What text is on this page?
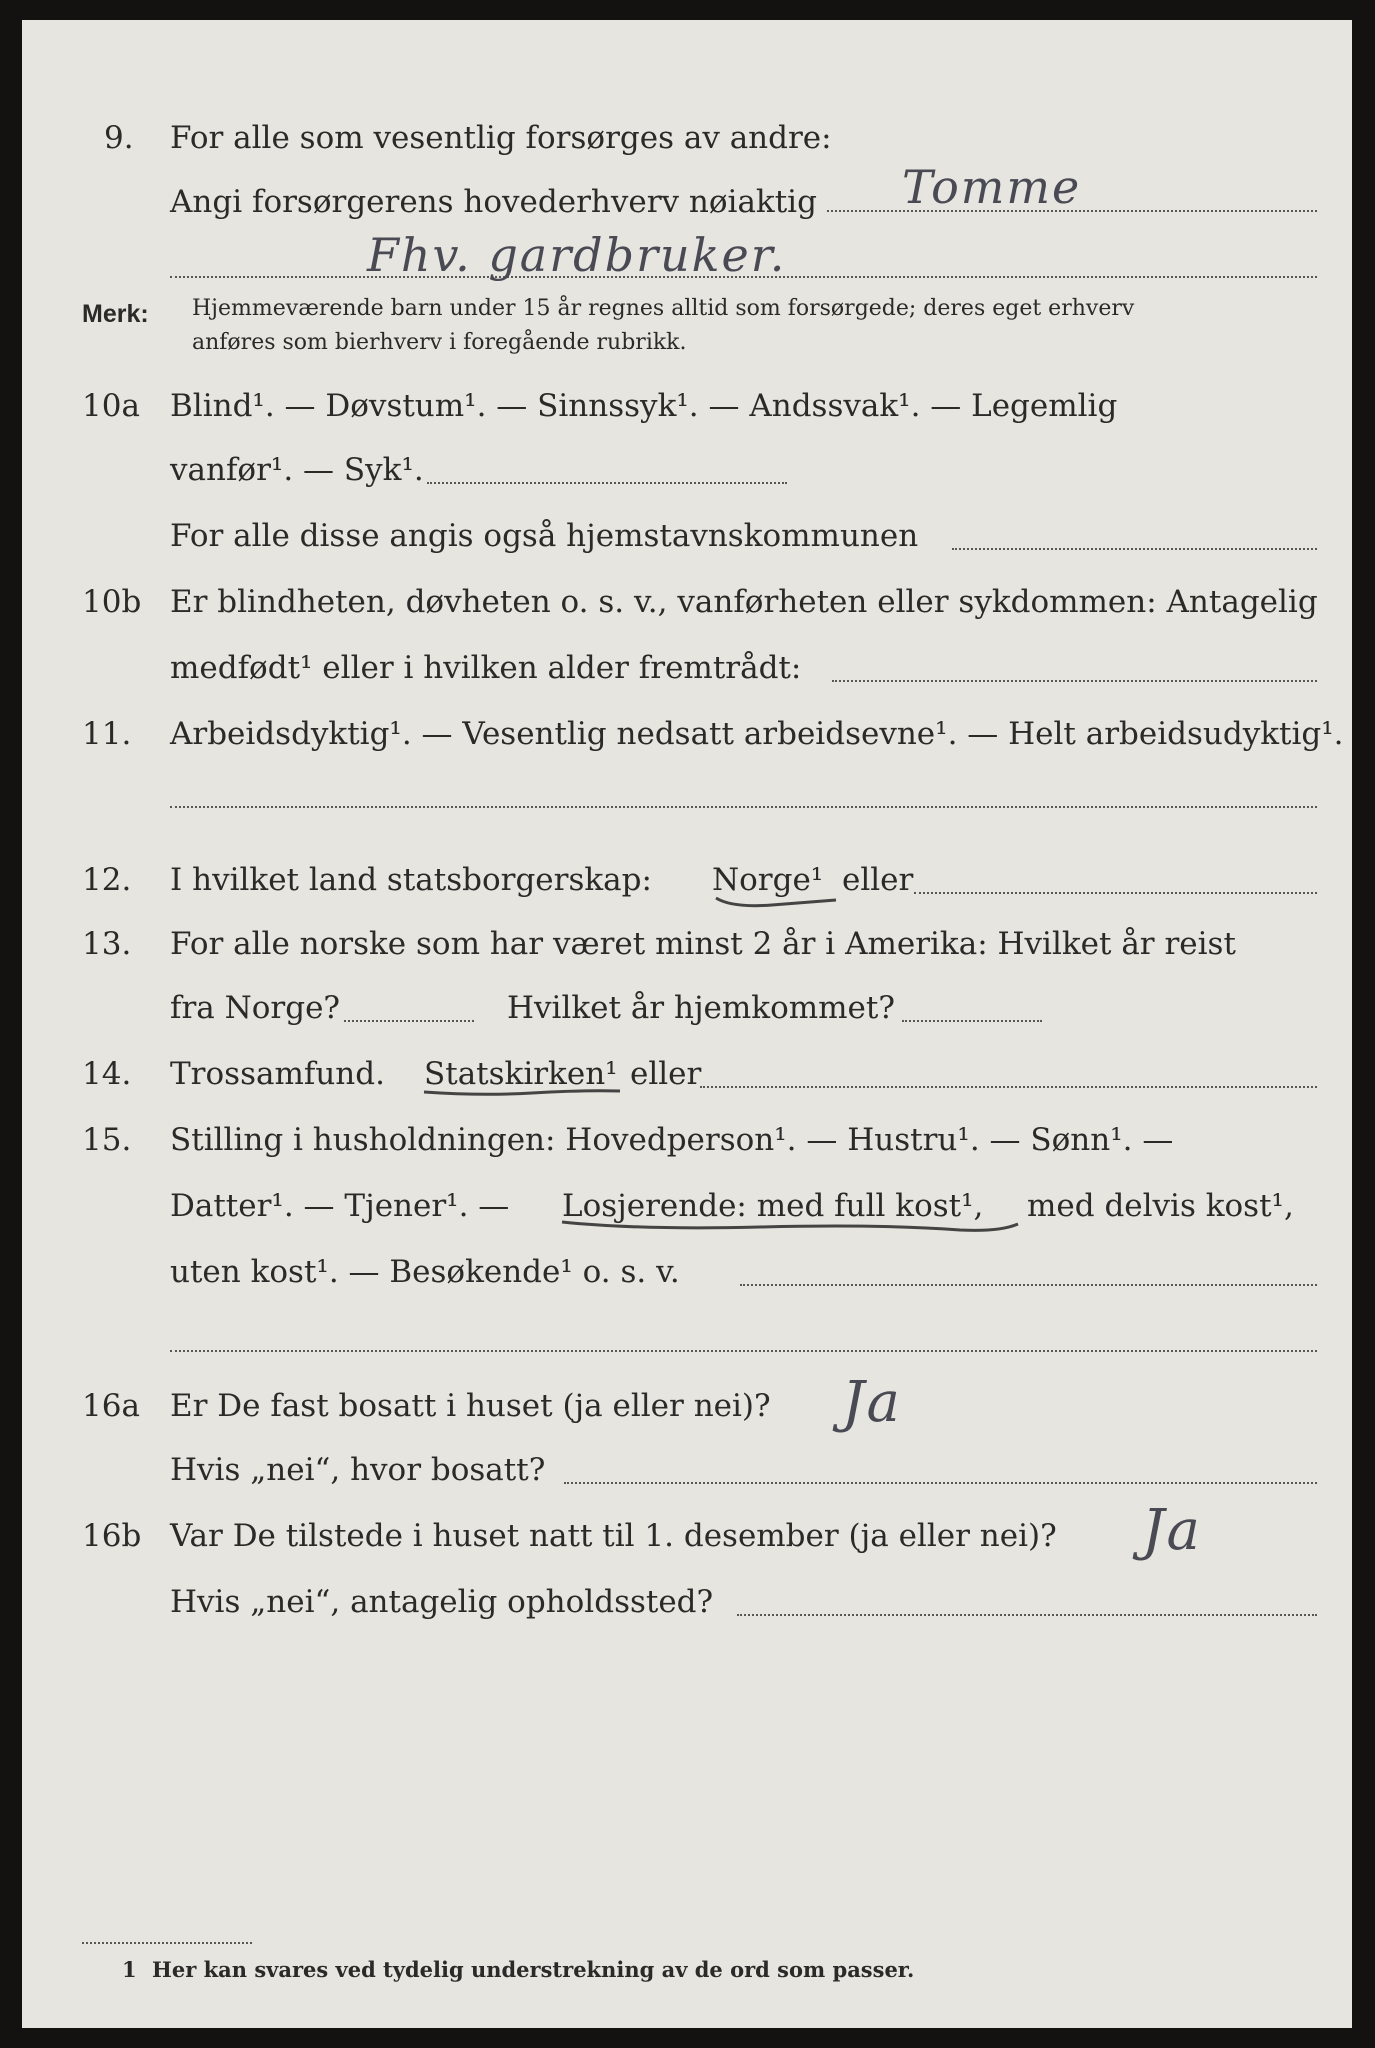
9. For alle som vesentlig forsørges av andre:
Angi forsørgerens hovederhverv nøiaktig Tomme
Fhv. gardbruker.
Merk: Hjemmeværende barn under 15 år regnes alltid som forsørgede; deres eget erhverv
anføres som bierhverv i foregående rubrikk.
10a Blind¹. — Døvstum¹. — Sinnssyk¹. — Andssvak¹. — Legemlig
vanfør¹. — Syk¹.
For alle disse angis også hjemstavnskommunen
10b Er blindheten, døvheten o. s. v., vanførheten eller sykdommen: Antagelig
medfødt¹ eller i hvilken alder fremtrådt:
11. Arbeidsdyktig¹. — Vesentlig nedsatt arbeidsevne¹. — Helt arbeidsudyktig¹.
12. I hvilket land statsborgerskap: Norge¹ eller
13. For alle norske som har været minst 2 år i Amerika: Hvilket år reist
fra Norge?	Hvilket år hjemkommet?
14. Trossamfund. Statskirken¹ eller
15. Stilling i husholdningen: Hovedperson¹. — Hustru¹. — Sønn¹. —
Datter¹. — Tjener¹. — Losjerende: med full kost¹, med delvis kost¹,
uten kost¹. — Besøkende¹ o. s. v.
16a Er De fast bosatt i huset (ja eller nei)? Ja
Hvis „nei“, hvor bosatt?
16b Var De tilstede i huset natt til 1. desember (ja eller nei)? Ja
Hvis „nei“, antagelig opholdssted?
1 Her kan svares ved tydelig understrekning av de ord som passer.
